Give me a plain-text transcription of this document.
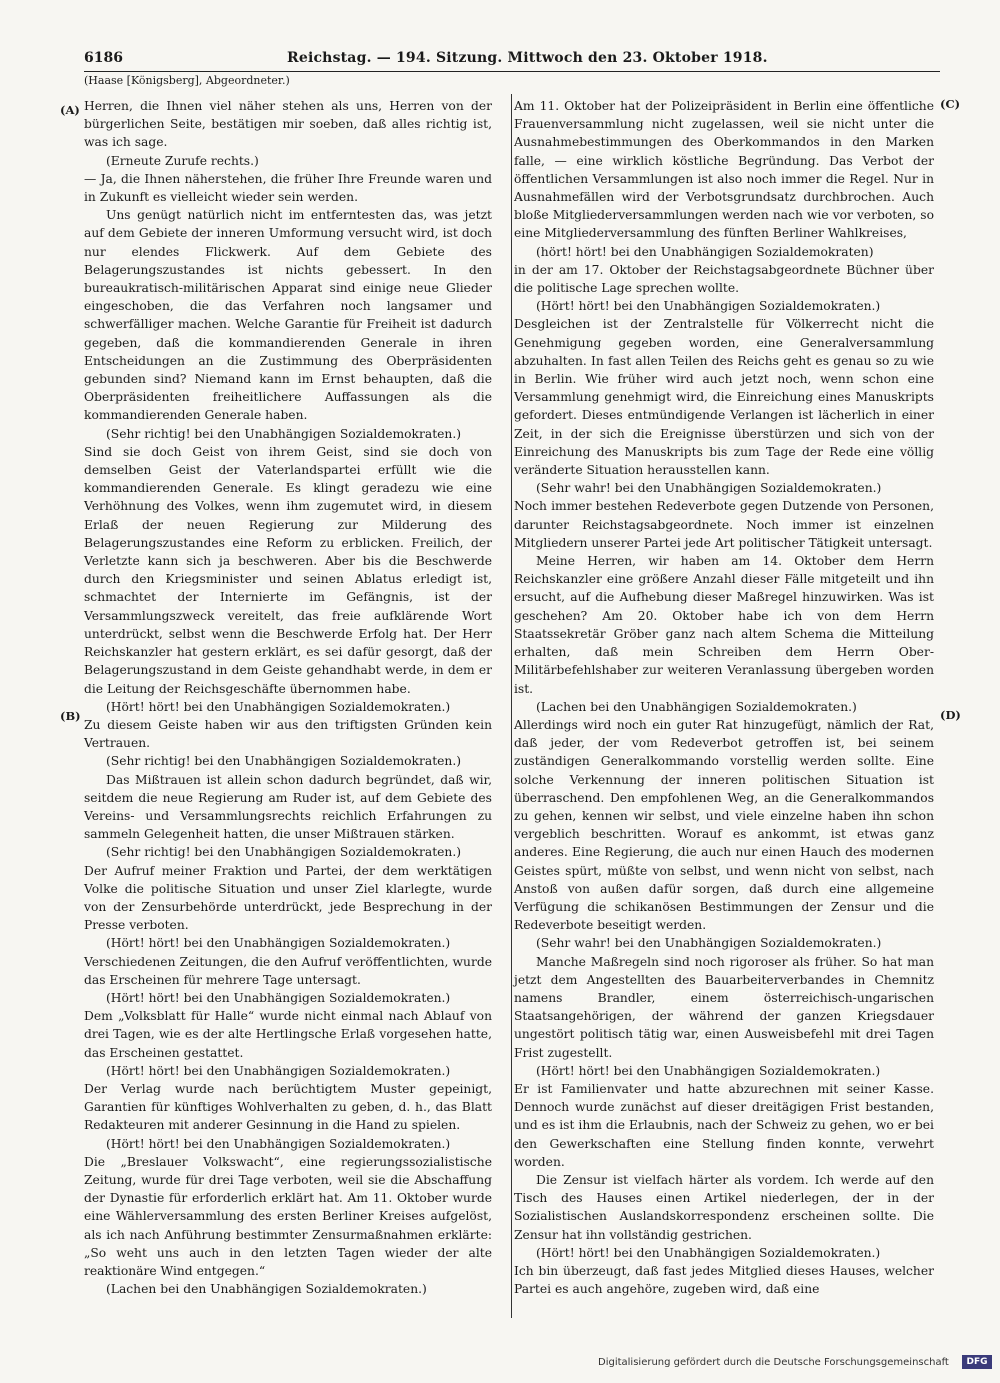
6186	Reichstag. — 194. Sitzung. Mittwoch den 23. Oktober 1918.
(Haase [Königsberg], Abgeordneter.)
(A)
(B)
(C)
(D)

Herren, die Ihnen viel näher stehen als uns, Herren von der bürgerlichen Seite, bestätigen mir soeben, daß alles richtig ist, was ich sage.

(Erneute Zurufe rechts.)

— Ja, die Ihnen näherstehen, die früher Ihre Freunde waren und in Zukunft es vielleicht wieder sein werden.

Uns genügt natürlich nicht im entferntesten das, was jetzt auf dem Gebiete der inneren Umformung versucht wird, ist doch nur elendes Flickwerk. Auf dem Gebiete des Belagerungszustandes ist nichts gebessert. In den bureaukratisch-militärischen Apparat sind einige neue Glieder eingeschoben, die das Verfahren noch langsamer und schwerfälliger machen. Welche Garantie für Freiheit ist dadurch gegeben, daß die kommandierenden Generale in ihren Entscheidungen an die Zustimmung des Oberpräsidenten gebunden sind? Niemand kann im Ernst behaupten, daß die Oberpräsidenten freiheitlichere Auffassungen als die kommandierenden Generale haben.

(Sehr richtig! bei den Unabhängigen Sozialdemokraten.)

Sind sie doch Geist von ihrem Geist, sind sie doch von demselben Geist der Vaterlandspartei erfüllt wie die kommandierenden Generale. Es klingt geradezu wie eine Verhöhnung des Volkes, wenn ihm zugemutet wird, in diesem Erlaß der neuen Regierung zur Milderung des Belagerungszustandes eine Reform zu erblicken. Freilich, der Verletzte kann sich ja beschweren. Aber bis die Beschwerde durch den Kriegsminister und seinen Ablatus erledigt ist, schmachtet der Internierte im Gefängnis, ist der Versammlungszweck vereitelt, das freie aufklärende Wort unterdrückt, selbst wenn die Beschwerde Erfolg hat. Der Herr Reichskanzler hat gestern erklärt, es sei dafür gesorgt, daß der Belagerungszustand in dem Geiste gehandhabt werde, in dem er die Leitung der Reichsgeschäfte übernommen habe.

(Hört! hört! bei den Unabhängigen Sozialdemokraten.)

Zu diesem Geiste haben wir aus den triftigsten Gründen kein Vertrauen.

(Sehr richtig! bei den Unabhängigen Sozialdemokraten.)

Das Mißtrauen ist allein schon dadurch begründet, daß wir, seitdem die neue Regierung am Ruder ist, auf dem Gebiete des Vereins- und Versammlungsrechts reichlich Erfahrungen zu sammeln Gelegenheit hatten, die unser Mißtrauen stärken.

(Sehr richtig! bei den Unabhängigen Sozialdemokraten.)

Der Aufruf meiner Fraktion und Partei, der dem werktätigen Volke die politische Situation und unser Ziel klarlegte, wurde von der Zensurbehörde unterdrückt, jede Besprechung in der Presse verboten.

(Hört! hört! bei den Unabhängigen Sozialdemokraten.)

Verschiedenen Zeitungen, die den Aufruf veröffentlichten, wurde das Erscheinen für mehrere Tage untersagt.

(Hört! hört! bei den Unabhängigen Sozialdemokraten.)

Dem „Volksblatt für Halle“ wurde nicht einmal nach Ablauf von drei Tagen, wie es der alte Hertlingsche Erlaß vorgesehen hatte, das Erscheinen gestattet.

(Hört! hört! bei den Unabhängigen Sozialdemokraten.)

Der Verlag wurde nach berüchtigtem Muster gepeinigt, Garantien für künftiges Wohlverhalten zu geben, d. h., das Blatt Redakteuren mit anderer Gesinnung in die Hand zu spielen.

(Hört! hört! bei den Unabhängigen Sozialdemokraten.)

Die „Breslauer Volkswacht“, eine regierungssozialistische Zeitung, wurde für drei Tage verboten, weil sie die Abschaffung der Dynastie für erforderlich erklärt hat. Am 11. Oktober wurde eine Wählerversammlung des ersten Berliner Kreises aufgelöst, als ich nach Anführung bestimmter Zensurmaßnahmen erklärte: „So weht uns auch in den letzten Tagen wieder der alte reaktionäre Wind entgegen.“

(Lachen bei den Unabhängigen Sozialdemokraten.)

Am 11. Oktober hat der Polizeipräsident in Berlin eine öffentliche Frauenversammlung nicht zugelassen, weil sie nicht unter die Ausnahmebestimmungen des Oberkommandos in den Marken falle, — eine wirklich köstliche Begründung. Das Verbot der öffentlichen Versammlungen ist also noch immer die Regel. Nur in Ausnahmefällen wird der Verbotsgrundsatz durchbrochen. Auch bloße Mitgliederversammlungen werden nach wie vor verboten, so eine Mitgliederversammlung des fünften Berliner Wahlkreises,

(hört! hört! bei den Unabhängigen Sozialdemokraten)

in der am 17. Oktober der Reichstagsabgeordnete Büchner über die politische Lage sprechen wollte.

(Hört! hört! bei den Unabhängigen Sozialdemokraten.)

Desgleichen ist der Zentralstelle für Völkerrecht nicht die Genehmigung gegeben worden, eine Generalversammlung abzuhalten. In fast allen Teilen des Reichs geht es genau so zu wie in Berlin. Wie früher wird auch jetzt noch, wenn schon eine Versammlung genehmigt wird, die Einreichung eines Manuskripts gefordert. Dieses entmündigende Verlangen ist lächerlich in einer Zeit, in der sich die Ereignisse überstürzen und sich von der Einreichung des Manuskripts bis zum Tage der Rede eine völlig veränderte Situation herausstellen kann.

(Sehr wahr! bei den Unabhängigen Sozialdemokraten.)

Noch immer bestehen Redeverbote gegen Dutzende von Personen, darunter Reichstagsabgeordnete. Noch immer ist einzelnen Mitgliedern unserer Partei jede Art politischer Tätigkeit untersagt.

Meine Herren, wir haben am 14. Oktober dem Herrn Reichskanzler eine größere Anzahl dieser Fälle mitgeteilt und ihn ersucht, auf die Aufhebung dieser Maßregel hinzuwirken. Was ist geschehen? Am 20. Oktober habe ich von dem Herrn Staatssekretär Gröber ganz nach altem Schema die Mitteilung erhalten, daß mein Schreiben dem Herrn Ober-Militärbefehlshaber zur weiteren Veranlassung übergeben worden ist.

(Lachen bei den Unabhängigen Sozialdemokraten.)

Allerdings wird noch ein guter Rat hinzugefügt, nämlich der Rat, daß jeder, der vom Redeverbot getroffen ist, bei seinem zuständigen Generalkommando vorstellig werden sollte. Eine solche Verkennung der inneren politischen Situation ist überraschend. Den empfohlenen Weg, an die Generalkommandos zu gehen, kennen wir selbst, und viele einzelne haben ihn schon vergeblich beschritten. Worauf es ankommt, ist etwas ganz anderes. Eine Regierung, die auch nur einen Hauch des modernen Geistes spürt, müßte von selbst, und wenn nicht von selbst, nach Anstoß von außen dafür sorgen, daß durch eine allgemeine Verfügung die schikanösen Bestimmungen der Zensur und die Redeverbote beseitigt werden.

(Sehr wahr! bei den Unabhängigen Sozialdemokraten.)

Manche Maßregeln sind noch rigoroser als früher. So hat man jetzt dem Angestellten des Bauarbeiterverbandes in Chemnitz namens Brandler, einem österreichisch-ungarischen Staatsangehörigen, der während der ganzen Kriegsdauer ungestört politisch tätig war, einen Ausweisbefehl mit drei Tagen Frist zugestellt.

(Hört! hört! bei den Unabhängigen Sozialdemokraten.)

Er ist Familienvater und hatte abzurechnen mit seiner Kasse. Dennoch wurde zunächst auf dieser dreitägigen Frist bestanden, und es ist ihm die Erlaubnis, nach der Schweiz zu gehen, wo er bei den Gewerkschaften eine Stellung finden konnte, verwehrt worden.

Die Zensur ist vielfach härter als vordem. Ich werde auf den Tisch des Hauses einen Artikel niederlegen, der in der Sozialistischen Auslandskorrespondenz erscheinen sollte. Die Zensur hat ihn vollständig gestrichen.

(Hört! hört! bei den Unabhängigen Sozialdemokraten.)

Ich bin überzeugt, daß fast jedes Mitglied dieses Hauses, welcher Partei es auch angehöre, zugeben wird, daß eine

Digitalisierung gefördert durch die Deutsche Forschungsgemeinschaft	DFG
